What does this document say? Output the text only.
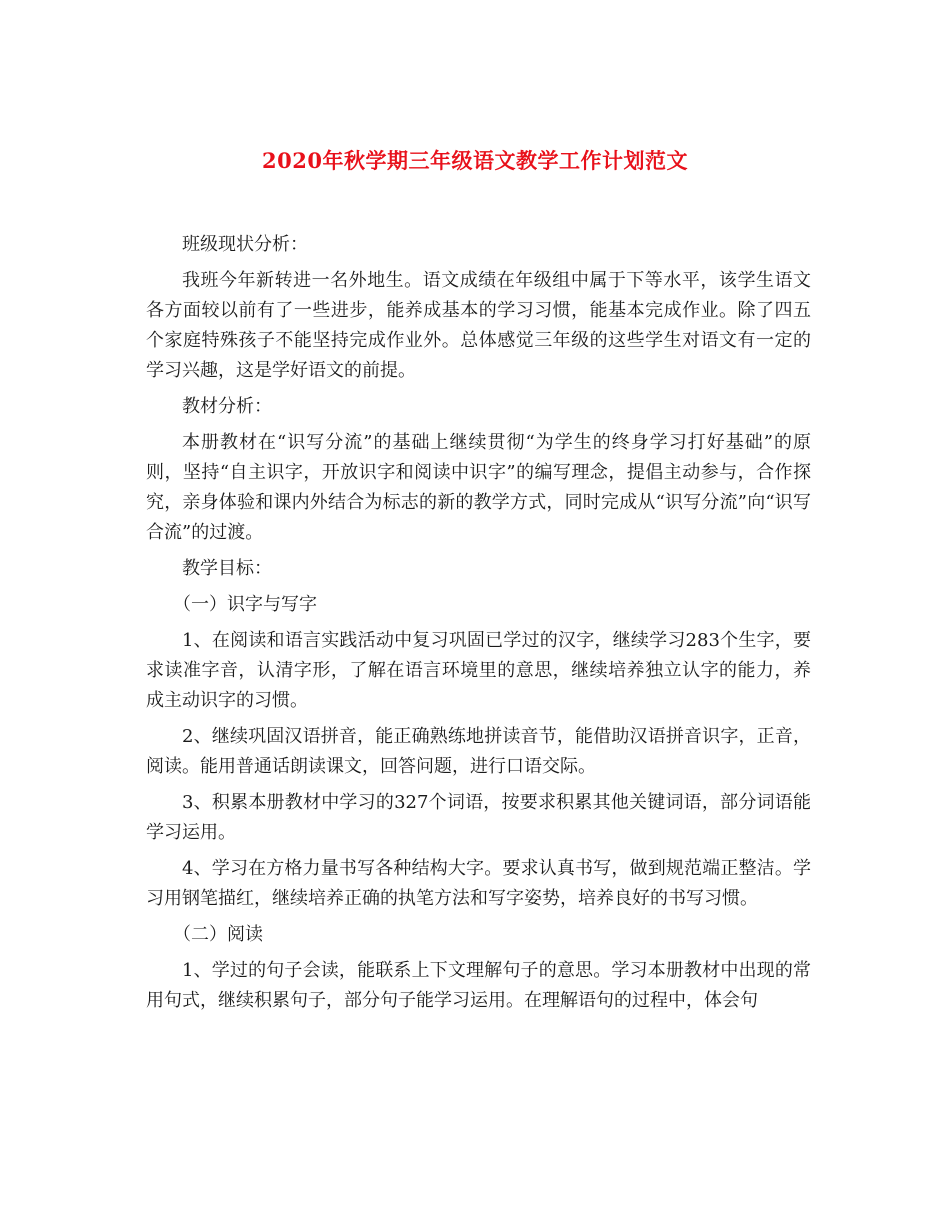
2020年秋学期三年级语文教学工作计划范文

班级现状分析：

我班今年新转进一名外地生。语文成绩在年级组中属于下等水平，该学生语文各方面较以前有了一些进步，能养成基本的学习习惯，能基本完成作业。除了四五个家庭特殊孩子不能坚持完成作业外。总体感觉三年级的这些学生对语文有一定的学习兴趣，这是学好语文的前提。

教材分析：

本册教材在“识写分流”的基础上继续贯彻“为学生的终身学习打好基础”的原则，坚持“自主识字，开放识字和阅读中识字”的编写理念，提倡主动参与，合作探究，亲身体验和课内外结合为标志的新的教学方式，同时完成从“识写分流”向“识写合流”的过渡。

教学目标：

（一）识字与写字

1、在阅读和语言实践活动中复习巩固已学过的汉字，继续学习283个生字，要求读准字音，认清字形，了解在语言环境里的意思，继续培养独立认字的能力，养成主动识字的习惯。

2、继续巩固汉语拼音，能正确熟练地拼读音节，能借助汉语拼音识字，正音，阅读。能用普通话朗读课文，回答问题，进行口语交际。

3、积累本册教材中学习的327个词语，按要求积累其他关键词语，部分词语能学习运用。

4、学习在方格力量书写各种结构大字。要求认真书写，做到规范端正整洁。学习用钢笔描红，继续培养正确的执笔方法和写字姿势，培养良好的书写习惯。

（二）阅读

1、学过的句子会读，能联系上下文理解句子的意思。学习本册教材中出现的常用句式，继续积累句子，部分句子能学习运用。在理解语句的过程中，体会句
